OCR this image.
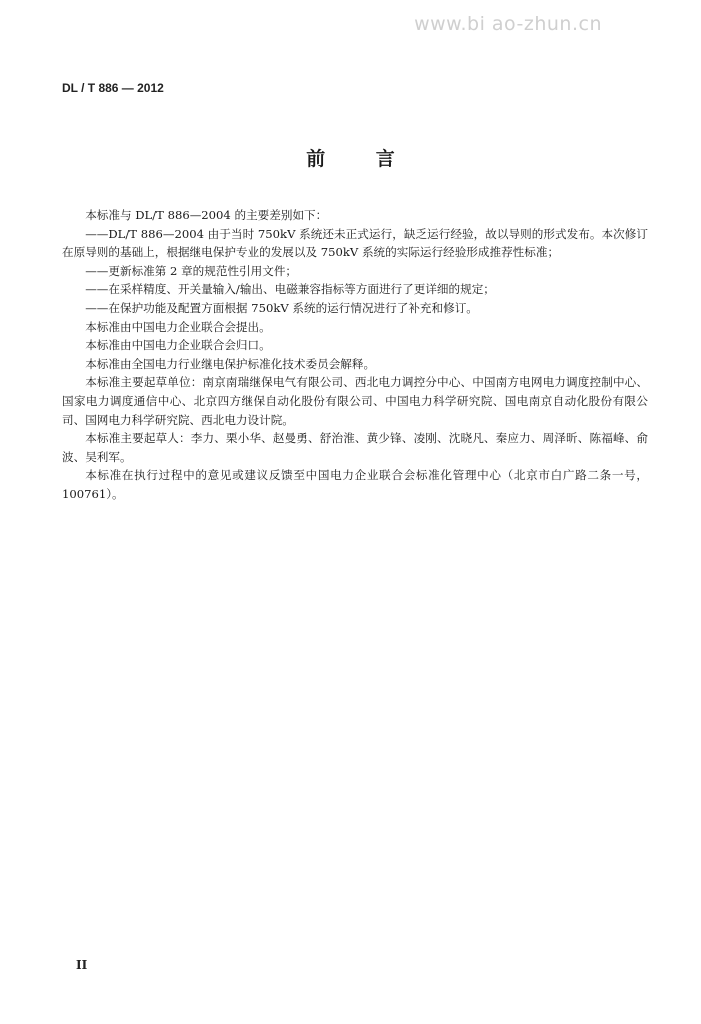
www.bi ao-zhun.cn
DL / T 886 — 2012
前 言

本标准与 DL/T 886—2004 的主要差别如下：

——DL/T 886—2004 由于当时 750kV 系统还未正式运行，缺乏运行经验，故以导则的形式发布。本次修订在原导则的基础上，根据继电保护专业的发展以及 750kV 系统的实际运行经验形成推荐性标准；

——更新标准第 2 章的规范性引用文件；

——在采样精度、开关量输入/输出、电磁兼容指标等方面进行了更详细的规定；

——在保护功能及配置方面根据 750kV 系统的运行情况进行了补充和修订。

本标准由中国电力企业联合会提出。

本标准由中国电力企业联合会归口。

本标准由全国电力行业继电保护标准化技术委员会解释。

本标准主要起草单位：南京南瑞继保电气有限公司、西北电力调控分中心、中国南方电网电力调度控制中心、国家电力调度通信中心、北京四方继保自动化股份有限公司、中国电力科学研究院、国电南京自动化股份有限公司、国网电力科学研究院、西北电力设计院。

本标准主要起草人：李力、栗小华、赵曼勇、舒治淮、黄少锋、凌刚、沈晓凡、秦应力、周泽昕、陈福峰、俞波、吴利军。

本标准在执行过程中的意见或建议反馈至中国电力企业联合会标准化管理中心（北京市白广路二条一号，100761）。

II
